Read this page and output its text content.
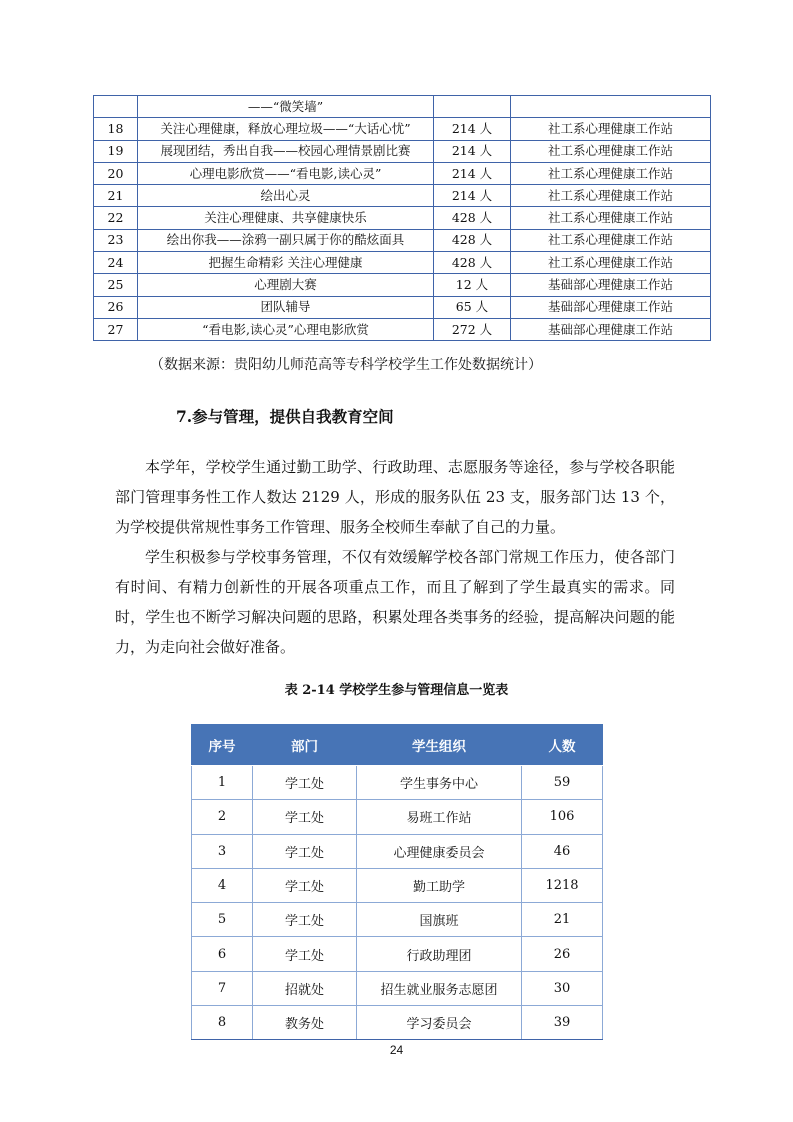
	——“微笑墙”		
18	关注心理健康，释放心理垃圾——“大话心忧”	214 人	社工系心理健康工作站
19	展现团结，秀出自我——校园心理情景剧比赛	214 人	社工系心理健康工作站
20	心理电影欣赏——“看电影,读心灵”	214 人	社工系心理健康工作站
21	绘出心灵	214 人	社工系心理健康工作站
22	关注心理健康、共享健康快乐	428 人	社工系心理健康工作站
23	绘出你我——涂鸦一副只属于你的酷炫面具	428 人	社工系心理健康工作站
24	把握生命精彩 关注心理健康	428 人	社工系心理健康工作站
25	心理剧大赛	12 人	基础部心理健康工作站
26	团队辅导	65 人	基础部心理健康工作站
27	“看电影,读心灵”心理电影欣赏	272 人	基础部心理健康工作站
（数据来源：贵阳幼儿师范高等专科学校学生工作处数据统计）
7.参与管理，提供自我教育空间

本学年，学校学生通过勤工助学、行政助理、志愿服务等途径，参与学校各职能部门管理事务性工作人数达 2129 人，形成的服务队伍 23 支，服务部门达 13 个，为学校提供常规性事务工作管理、服务全校师生奉献了自己的力量。

学生积极参与学校事务管理，不仅有效缓解学校各部门常规工作压力，使各部门有时间、有精力创新性的开展各项重点工作，而且了解到了学生最真实的需求。同时，学生也不断学习解决问题的思路，积累处理各类事务的经验，提高解决问题的能力，为走向社会做好准备。

表 2-14 学校学生参与管理信息一览表
序号	部门	学生组织	人数
1	学工处	学生事务中心	59
2	学工处	易班工作站	106
3	学工处	心理健康委员会	46
4	学工处	勤工助学	1218
5	学工处	国旗班	21
6	学工处	行政助理团	26
7	招就处	招生就业服务志愿团	30
8	教务处	学习委员会	39
24
